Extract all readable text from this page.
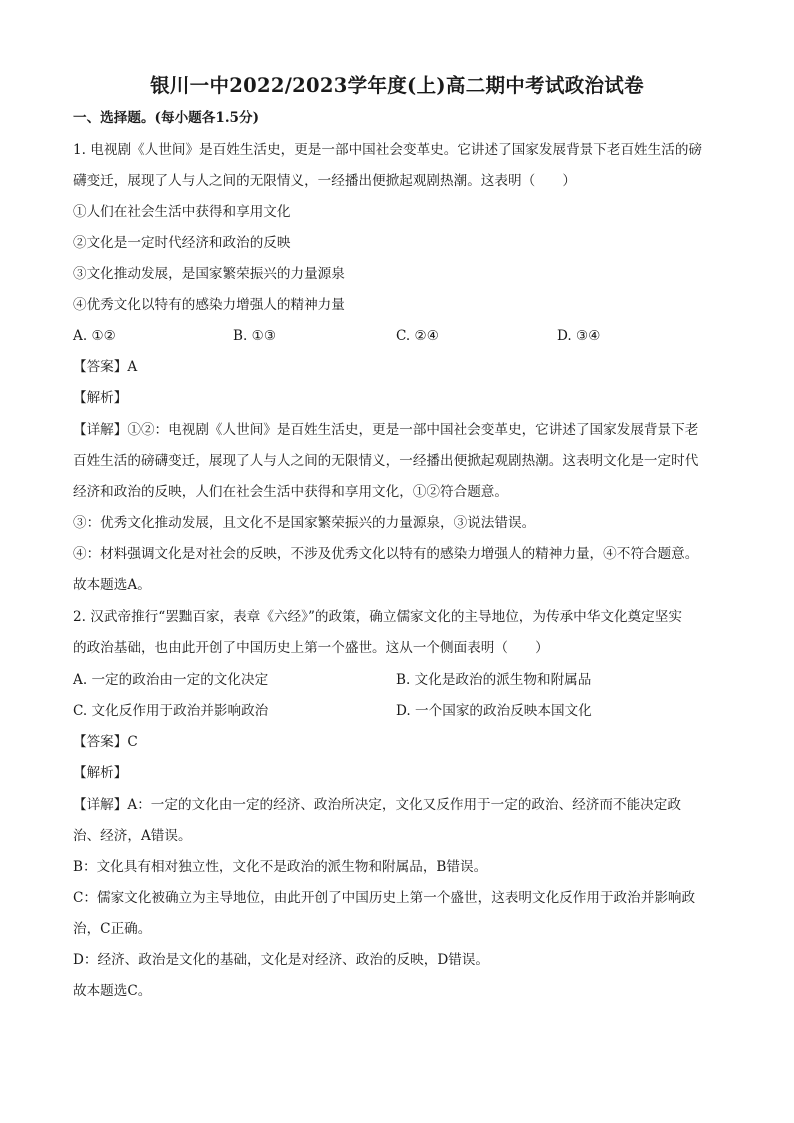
银川一中2022/2023学年度(上)高二期中考试政治试卷
一、选择题。(每小题各1.5分)
1. 电视剧《人世间》是百姓生活史，更是一部中国社会变革史。它讲述了国家发展背景下老百姓生活的磅
礴变迁，展现了人与人之间的无限情义，一经播出便掀起观剧热潮。这表明（　　）
①人们在社会生活中获得和享用文化
②文化是一定时代经济和政治的反映
③文化推动发展，是国家繁荣振兴的力量源泉
④优秀文化以特有的感染力增强人的精神力量
A. ①②	B. ①③	C. ②④	D. ③④
【答案】A
【解析】
【详解】①②：电视剧《人世间》是百姓生活史，更是一部中国社会变革史，它讲述了国家发展背景下老
百姓生活的磅礴变迁，展现了人与人之间的无限情义，一经播出便掀起观剧热潮。这表明文化是一定时代
经济和政治的反映，人们在社会生活中获得和享用文化，①②符合题意。
③：优秀文化推动发展，且文化不是国家繁荣振兴的力量源泉，③说法错误。
④：材料强调文化是对社会的反映，不涉及优秀文化以特有的感染力增强人的精神力量，④不符合题意。
故本题选A。
2. 汉武帝推行“罢黜百家，表章《六经》”的政策，确立儒家文化的主导地位，为传承中华文化奠定坚实
的政治基础，也由此开创了中国历史上第一个盛世。这从一个侧面表明（　　）
A. 一定的政治由一定的文化决定	B. 文化是政治的派生物和附属品
C. 文化反作用于政治并影响政治	D. 一个国家的政治反映本国文化
【答案】C
【解析】
【详解】A：一定的文化由一定的经济、政治所决定，文化又反作用于一定的政治、经济而不能决定政
治、经济，A错误。
B：文化具有相对独立性，文化不是政治的派生物和附属品，B错误。
C：儒家文化被确立为主导地位，由此开创了中国历史上第一个盛世，这表明文化反作用于政治并影响政
治，C正确。
D：经济、政治是文化的基础，文化是对经济、政治的反映，D错误。
故本题选C。
